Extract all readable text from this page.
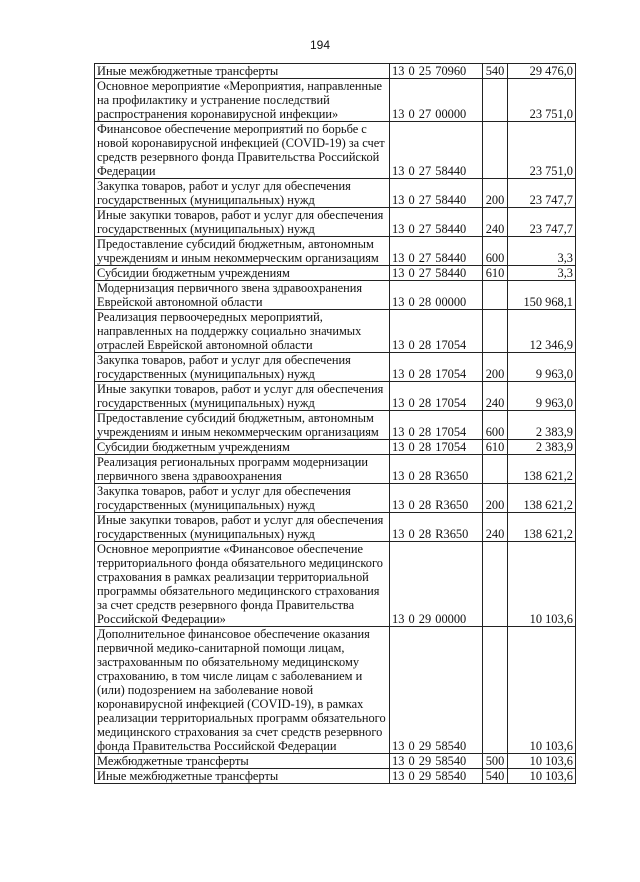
194
Иные межбюджетные трансферты	13 0 25 70960	540	29 476,0
Основное мероприятие «Мероприятия, направленные на профилактику и устранение последствий распространения коронавирусной инфекции»	13 0 27 00000		23 751,0
Финансовое обеспечение мероприятий по борьбе с новой коронавирусной инфекцией (COVID-19) за счет средств резервного фонда Правительства Российской Федерации	13 0 27 58440		23 751,0
Закупка товаров, работ и услуг для обеспечения государственных (муниципальных) нужд	13 0 27 58440	200	23 747,7
Иные закупки товаров, работ и услуг для обеспечения государственных (муниципальных) нужд	13 0 27 58440	240	23 747,7
Предоставление субсидий бюджетным, автономным учреждениям и иным некоммерческим организациям	13 0 27 58440	600	3,3
Субсидии бюджетным учреждениям	13 0 27 58440	610	3,3
Модернизация первичного звена здравоохранения Еврейской автономной области	13 0 28 00000		150 968,1
Реализация первоочередных мероприятий, направленных на поддержку социально значимых отраслей Еврейской автономной области	13 0 28 17054		12 346,9
Закупка товаров, работ и услуг для обеспечения государственных (муниципальных) нужд	13 0 28 17054	200	9 963,0
Иные закупки товаров, работ и услуг для обеспечения государственных (муниципальных) нужд	13 0 28 17054	240	9 963,0
Предоставление субсидий бюджетным, автономным учреждениям и иным некоммерческим организациям	13 0 28 17054	600	2 383,9
Субсидии бюджетным учреждениям	13 0 28 17054	610	2 383,9
Реализация региональных программ модернизации первичного звена здравоохранения	13 0 28 R3650		138 621,2
Закупка товаров, работ и услуг для обеспечения государственных (муниципальных) нужд	13 0 28 R3650	200	138 621,2
Иные закупки товаров, работ и услуг для обеспечения государственных (муниципальных) нужд	13 0 28 R3650	240	138 621,2
Основное мероприятие «Финансовое обеспечение территориального фонда обязательного медицинского страхования в рамках реализации территориальной программы обязательного медицинского страхования за счет средств резервного фонда Правительства Российской Федерации»	13 0 29 00000		10 103,6
Дополнительное финансовое обеспечение оказания первичной медико-санитарной помощи лицам, застрахованным по обязательному медицинскому страхованию, в том числе лицам с заболеванием и (или) подозрением на заболевание новой коронавирусной инфекцией (COVID-19), в рамках реализации территориальных программ обязательного медицинского страхования за счет средств резервного фонда Правительства Российской Федерации	13 0 29 58540		10 103,6
Межбюджетные трансферты	13 0 29 58540	500	10 103,6
Иные межбюджетные трансферты	13 0 29 58540	540	10 103,6
